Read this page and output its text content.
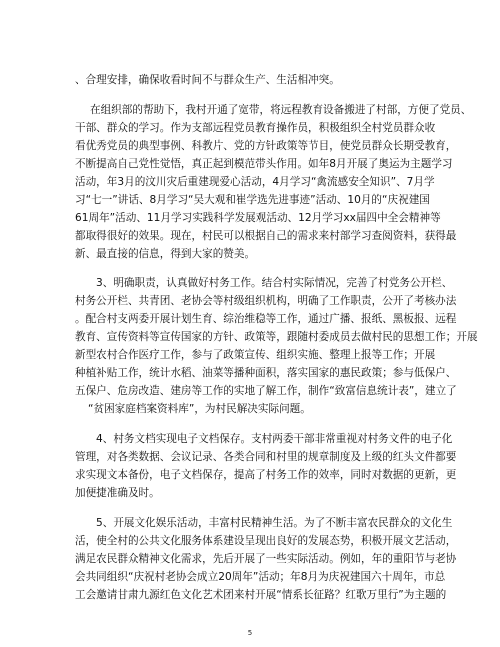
、合理安排，确保收看时间不与群众生产、生活相冲突。
在组织部的帮助下，我村开通了宽带，将远程教育设备搬进了村部，方便了党员、
干部、群众的学习。作为支部远程党员教育操作员，积极组织全村党员群众收
看优秀党员的典型事例、科教片、党的方针政策等节目，使党员群众长期受教育，
不断提高自己党性觉悟，真正起到模范带头作用。如年8月开展了奥运为主题学习
活动，年3月的汶川灾后重建现爱心活动，4月学习“禽流感安全知识”、7月学
习“七一”讲话、8月学习“吴大观和崔学选先进事迹”活动、10月的“庆祝建国
61周年”活动、11月学习实践科学发展观活动、12月学习xx届四中全会精神等
都取得很好的效果。现在，村民可以根据自己的需求来村部学习查阅资料，获得最
新、最直接的信息，得到大家的赞美。
3、明确职责，认真做好村务工作。结合村实际情况，完善了村党务公开栏、
村务公开栏、共青团、老协会等村级组织机构，明确了工作职责，公开了考核办法
。配合村支两委开展计划生育、综治维稳等工作，通过广播、报纸、黑板报、远程
教育、宣传资料等宣传国家的方针、政策等，跟随村委成员去做村民的思想工作；开展
新型农村合作医疗工作，参与了政策宣传、组织实施、整理上报等工作；开展
种植补贴工作，统计水稻、油菜等播种面积，落实国家的惠民政策；参与低保户、
五保户、危房改造、建房等工作的实地了解工作，制作“致富信息统计表”，建立了
“贫困家庭档案资料库”，为村民解决实际问题。
4、村务文档实现电子文档保存。支村两委干部非常重视对村务文件的电子化
管理，对各类数据、会议记录、各类合同和村里的规章制度及上级的红头文件都要
求实现文本备份，电子文档保存，提高了村务工作的效率，同时对数据的更新，更
加便捷准确及时。
5、开展文化娱乐活动，丰富村民精神生活。为了不断丰富农民群众的文化生
活，使全村的公共文化服务体系建设呈现出良好的发展态势，积极开展文艺活动，
满足农民群众精神文化需求，先后开展了一些实际活动。例如，年的重阳节与老协
会共同组织“庆祝村老协会成立20周年”活动；年8月为庆祝建国六十周年，市总
工会邀请甘肃九源红色文化艺术团来村开展“情系长征路？红歌万里行”为主题的
5
